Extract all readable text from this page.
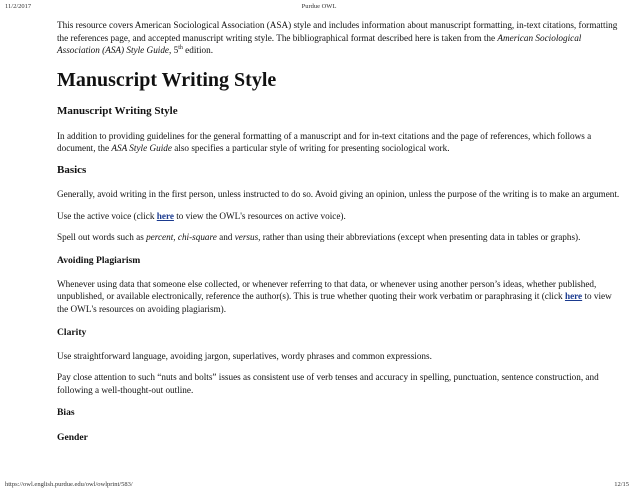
11/2/2017	Purdue OWL

This resource covers American Sociological Association (ASA) style and includes information about manuscript formatting, in-text citations, formatting the references page, and accepted manuscript writing style. The bibliographical format described here is taken from the American Sociological Association (ASA) Style Guide, 5th edition.

Manuscript Writing Style
Manuscript Writing Style

In addition to providing guidelines for the general formatting of a manuscript and for in-text citations and the page of references, which follows a document, the ASA Style Guide also specifies a particular style of writing for presenting sociological work.

Basics

Generally, avoid writing in the first person, unless instructed to do so. Avoid giving an opinion, unless the purpose of the writing is to make an argument.

Use the active voice (click here to view the OWL's resources on active voice).

Spell out words such as percent, chi-square and versus, rather than using their abbreviations (except when presenting data in tables or graphs).

Avoiding Plagiarism

Whenever using data that someone else collected, or whenever referring to that data, or whenever using another person’s ideas, whether published, unpublished, or available electronically, reference the author(s). This is true whether quoting their work verbatim or paraphrasing it (click here to view the OWL's resources on avoiding plagiarism).

Clarity

Use straightforward language, avoiding jargon, superlatives, wordy phrases and common expressions.

Pay close attention to such “nuts and bolts” issues as consistent use of verb tenses and accuracy in spelling, punctuation, sentence construction, and following a well-thought-out outline.

Bias
Gender
https://owl.english.purdue.edu/owl/owlprint/583/	12/15
